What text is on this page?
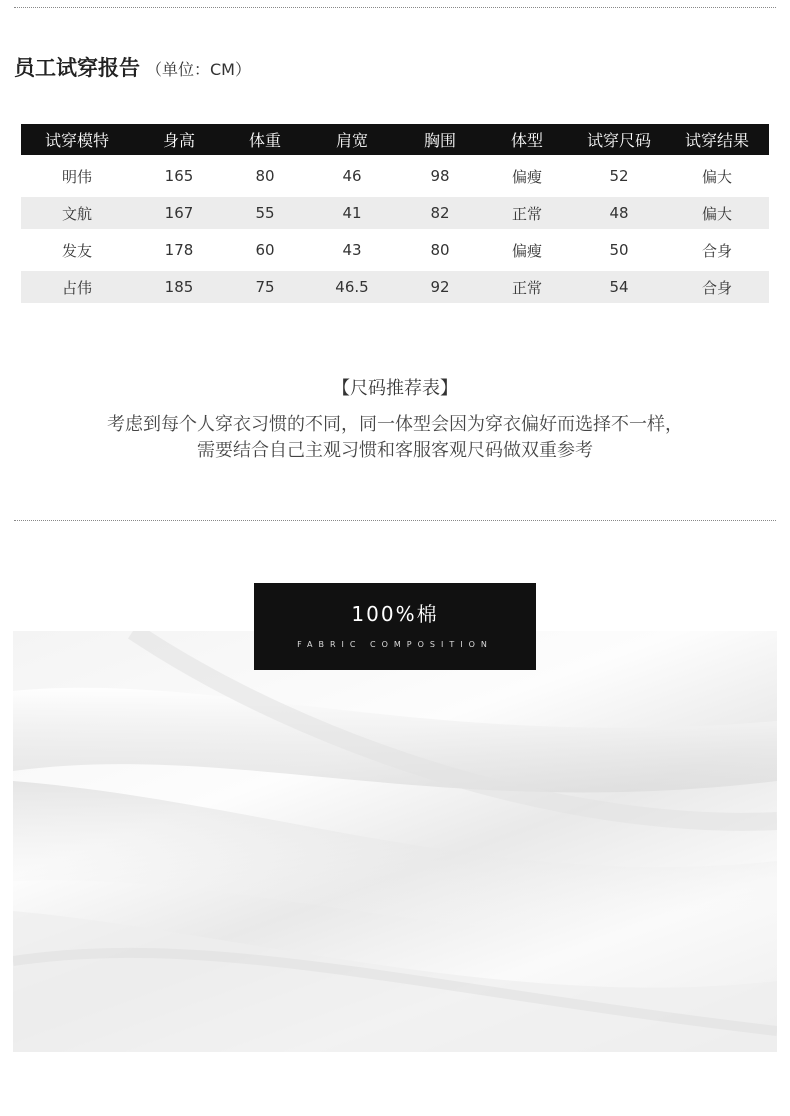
员工试穿报告 （单位：CM）
试穿模特	身高	体重	肩宽	胸围	体型	试穿尺码	试穿结果
明伟	165	80	46	98	偏瘦	52	偏大
文航	167	55	41	82	正常	48	偏大
发友	178	60	43	80	偏瘦	50	合身
占伟	185	75	46.5	92	正常	54	合身
【尺码推荐表】
考虑到每个人穿衣习惯的不同，同一体型会因为穿衣偏好而选择不一样，
需要结合自己主观习惯和客服客观尺码做双重参考
100%棉
FABRIC COMPOSITION
